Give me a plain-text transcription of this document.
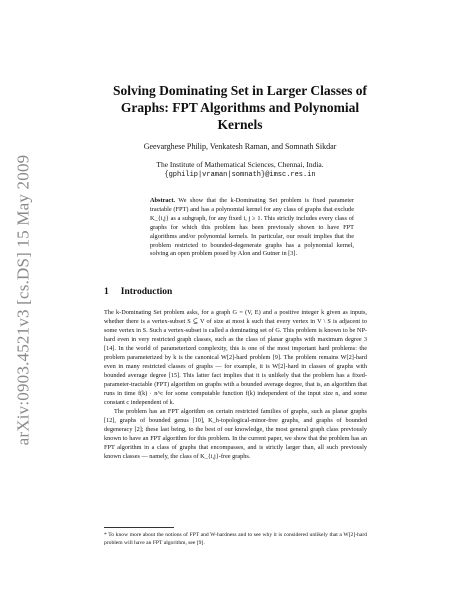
arXiv:0903.4521v3 [cs.DS] 15 May 2009
Solving Dominating Set in Larger Classes of
Graphs: FPT Algorithms and Polynomial
Kernels
Geevarghese Philip, Venkatesh Raman, and Somnath Sikdar
The Institute of Mathematical Sciences, Chennai, India.
{gphilip|vraman|somnath}@imsc.res.in

Abstract. We show that the k-Dominating Set problem is fixed parameter tractable (FPT) and has a polynomial kernel for any class of graphs that exclude K_{i,j} as a subgraph, for any fixed i, j ≥ 1. This strictly includes every class of graphs for which this problem has been previously shown to have FPT algorithms and/or polynomial kernels. In particular, our result implies that the problem restricted to bounded-degenerate graphs has a polynomial kernel, solving an open problem posed by Alon and Gutner in [3].

1 Introduction

The k-Dominating Set problem asks, for a graph G = (V, E) and a positive integer k given as inputs, whether there is a vertex-subset S ⊆ V of size at most k such that every vertex in V \ S is adjacent to some vertex in S. Such a vertex-subset is called a dominating set of G. This problem is known to be NP-hard even in very restricted graph classes, such as the class of planar graphs with maximum degree 3 [14]. In the world of parameterized complexity, this is one of the most important hard problems: the problem parameterized by k is the canonical W[2]-hard problem [9]. The problem remains W[2]-hard even in many restricted classes of graphs — for example, it is W[2]-hard in classes of graphs with bounded average degree [15]. This latter fact implies that it is unlikely that the problem has a fixed-parameter-tractable (FPT) algorithm on graphs with a bounded average degree, that is, an algorithm that runs in time f(k) · n^c for some computable function f(k) independent of the input size n, and some constant c independent of k.

The problem has an FPT algorithm on certain restricted families of graphs, such as planar graphs [12], graphs of bounded genus [10], K_h-topological-minor-free graphs, and graphs of bounded degeneracy [2]; these last being, to the best of our knowledge, the most general graph class previously known to have an FPT algorithm for this problem. In the current paper, we show that the problem has an FPT algorithm in a class of graphs that encompasses, and is strictly larger than, all such previously known classes — namely, the class of K_{i,j}-free graphs.

* To know more about the notions of FPT and W-hardness and to see why it is considered unlikely that a W[2]-hard problem will have an FPT algorithm, see [9].
